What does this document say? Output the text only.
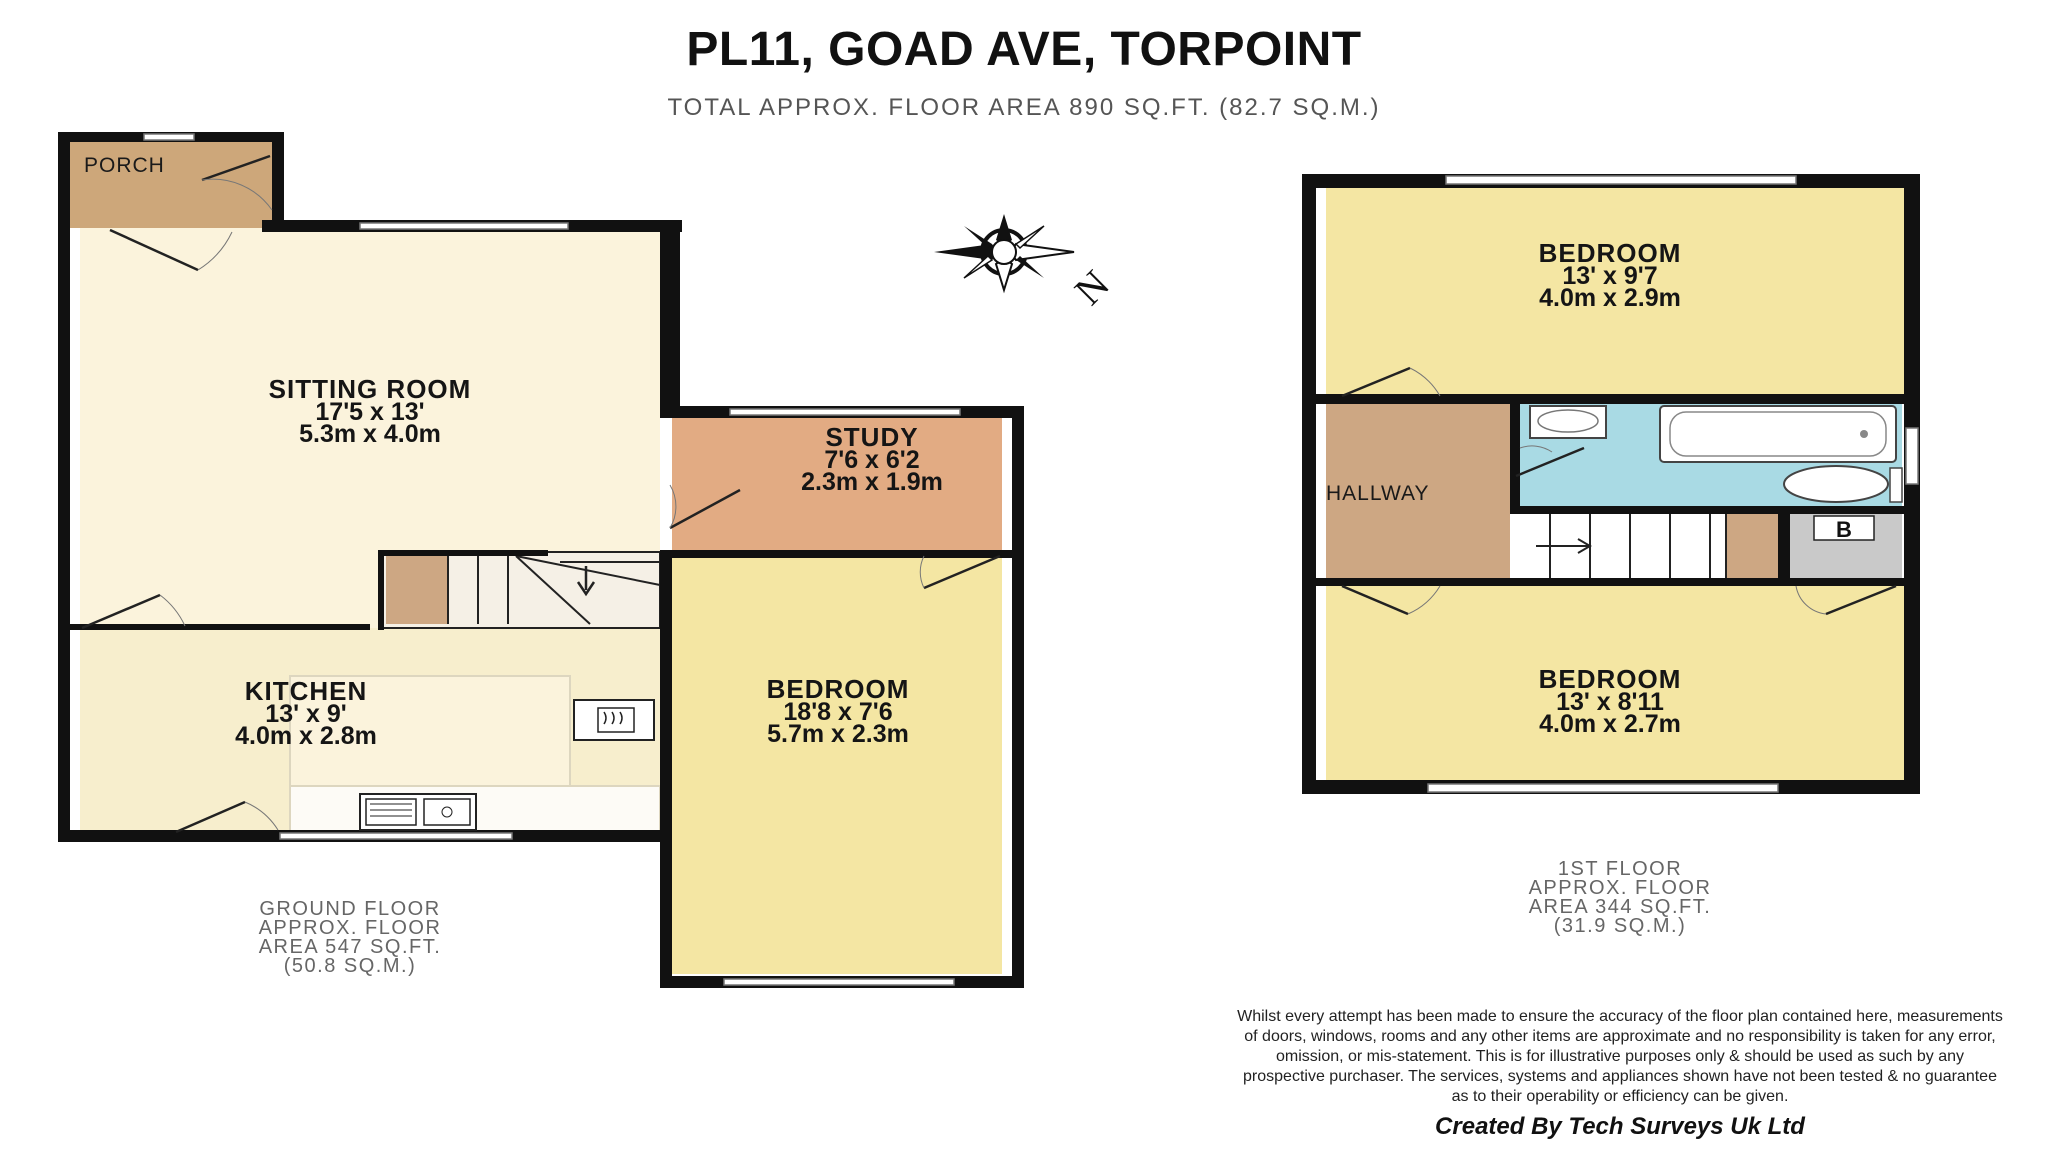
PL11, GOAD AVE, TORPOINT
TOTAL APPROX. FLOOR AREA 890 SQ.FT. (82.7 SQ.M.)
PORCH
SITTING ROOM
17'5 x 13'
5.3m x 4.0m	STUDY
7'6 x 6'2
2.3m x 1.9m
KITCHEN
13' x 9'
4.0m x 2.8m
BEDROOM
18'8 x 7'6
5.7m x 2.3m
N
B
BEDROOM
13' x 9'7
4.0m x 2.9m
HALLWAY
BEDROOM
13' x 8'11
4.0m x 2.7m
GROUND FLOOR
APPROX. FLOOR
AREA 547 SQ.FT.
(50.8 SQ.M.)
1ST FLOOR
APPROX. FLOOR
AREA 344 SQ.FT.
(31.9 SQ.M.)
Whilst every attempt has been made to ensure the accuracy of the floor plan contained here, measurements of doors, windows, rooms and any other items are approximate and no responsibility is taken for any error, omission, or mis-statement. This is for illustrative purposes only & should be used as such by any prospective purchaser. The services, systems and appliances shown have not been tested & no guarantee as to their operability or efficiency can be given.
Created By Tech Surveys Uk Ltd
